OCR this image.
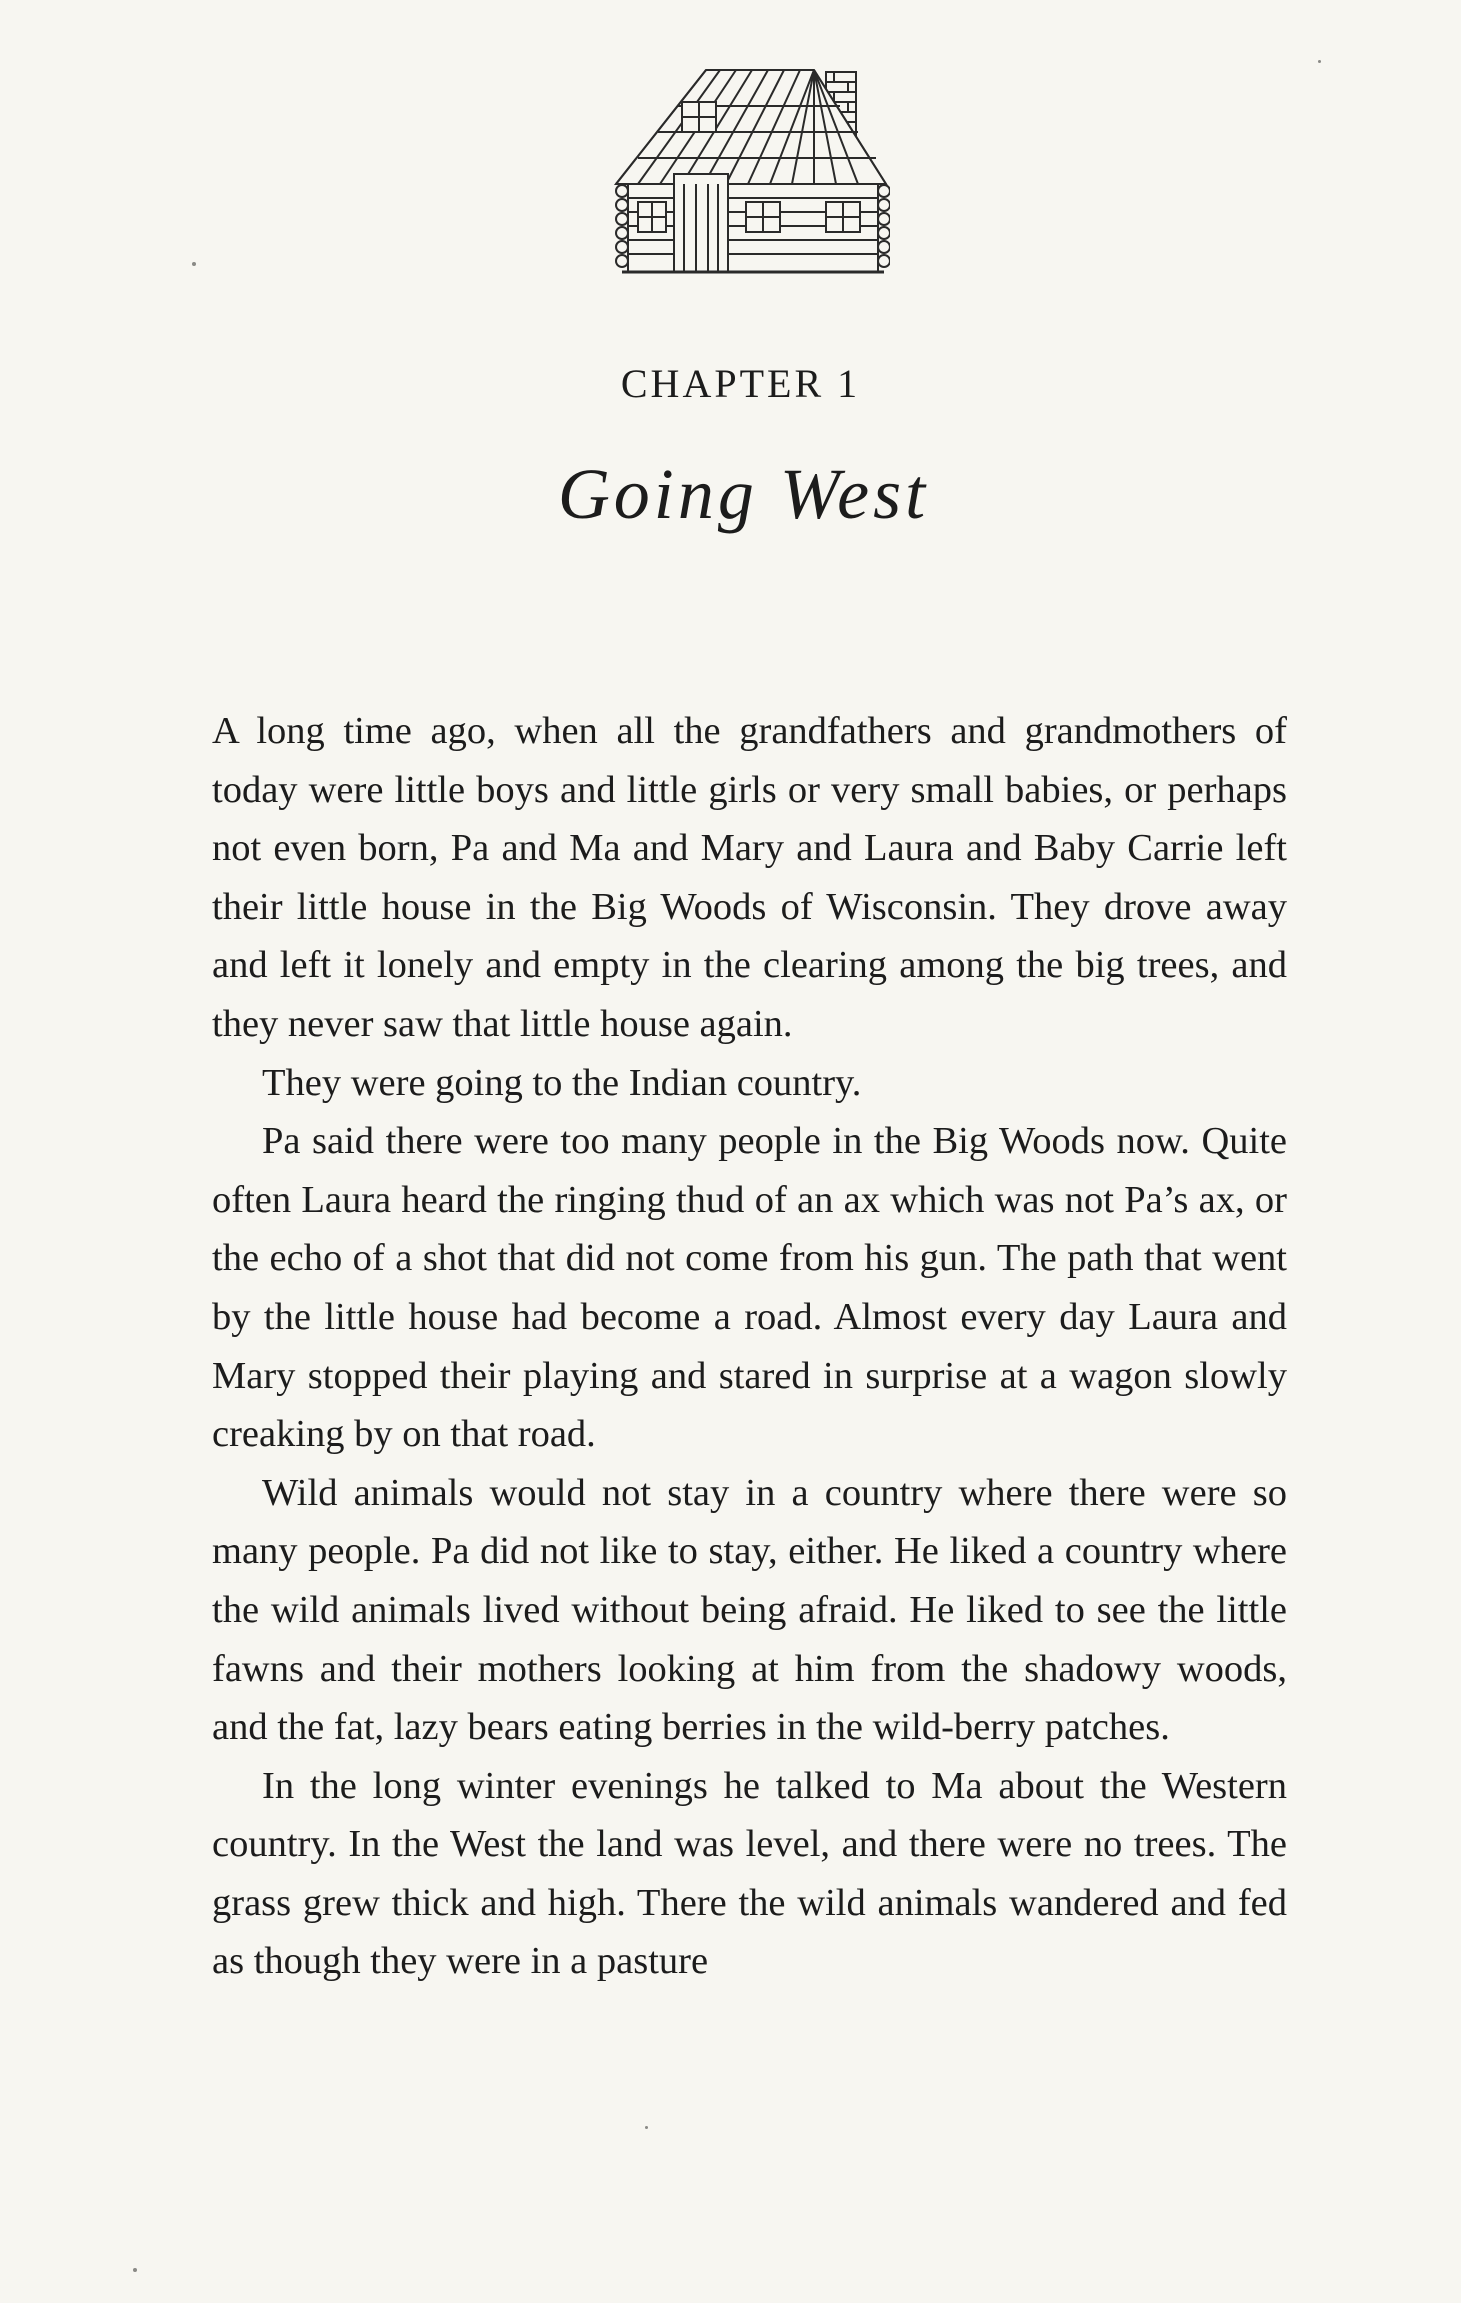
CHAPTER 1
Going West

A long time ago, when all the grandfathers and grandmothers of today were little boys and little girls or very small babies, or perhaps not even born, Pa and Ma and Mary and Laura and Baby Carrie left their little house in the Big Woods of Wisconsin. They drove away and left it lonely and empty in the clearing among the big trees, and they never saw that little house again.

They were going to the Indian country.

Pa said there were too many people in the Big Woods now. Quite often Laura heard the ringing thud of an ax which was not Pa’s ax, or the echo of a shot that did not come from his gun. The path that went by the little house had become a road. Almost every day Laura and Mary stopped their playing and stared in surprise at a wagon slowly creaking by on that road.

Wild animals would not stay in a country where there were so many people. Pa did not like to stay, either. He liked a country where the wild animals lived without being afraid. He liked to see the little fawns and their mothers looking at him from the shadowy woods, and the fat, lazy bears eating berries in the wild-berry patches.

In the long winter evenings he talked to Ma about the Western country. In the West the land was level, and there were no trees. The grass grew thick and high. There the wild animals wandered and fed as though they were in a pasture
